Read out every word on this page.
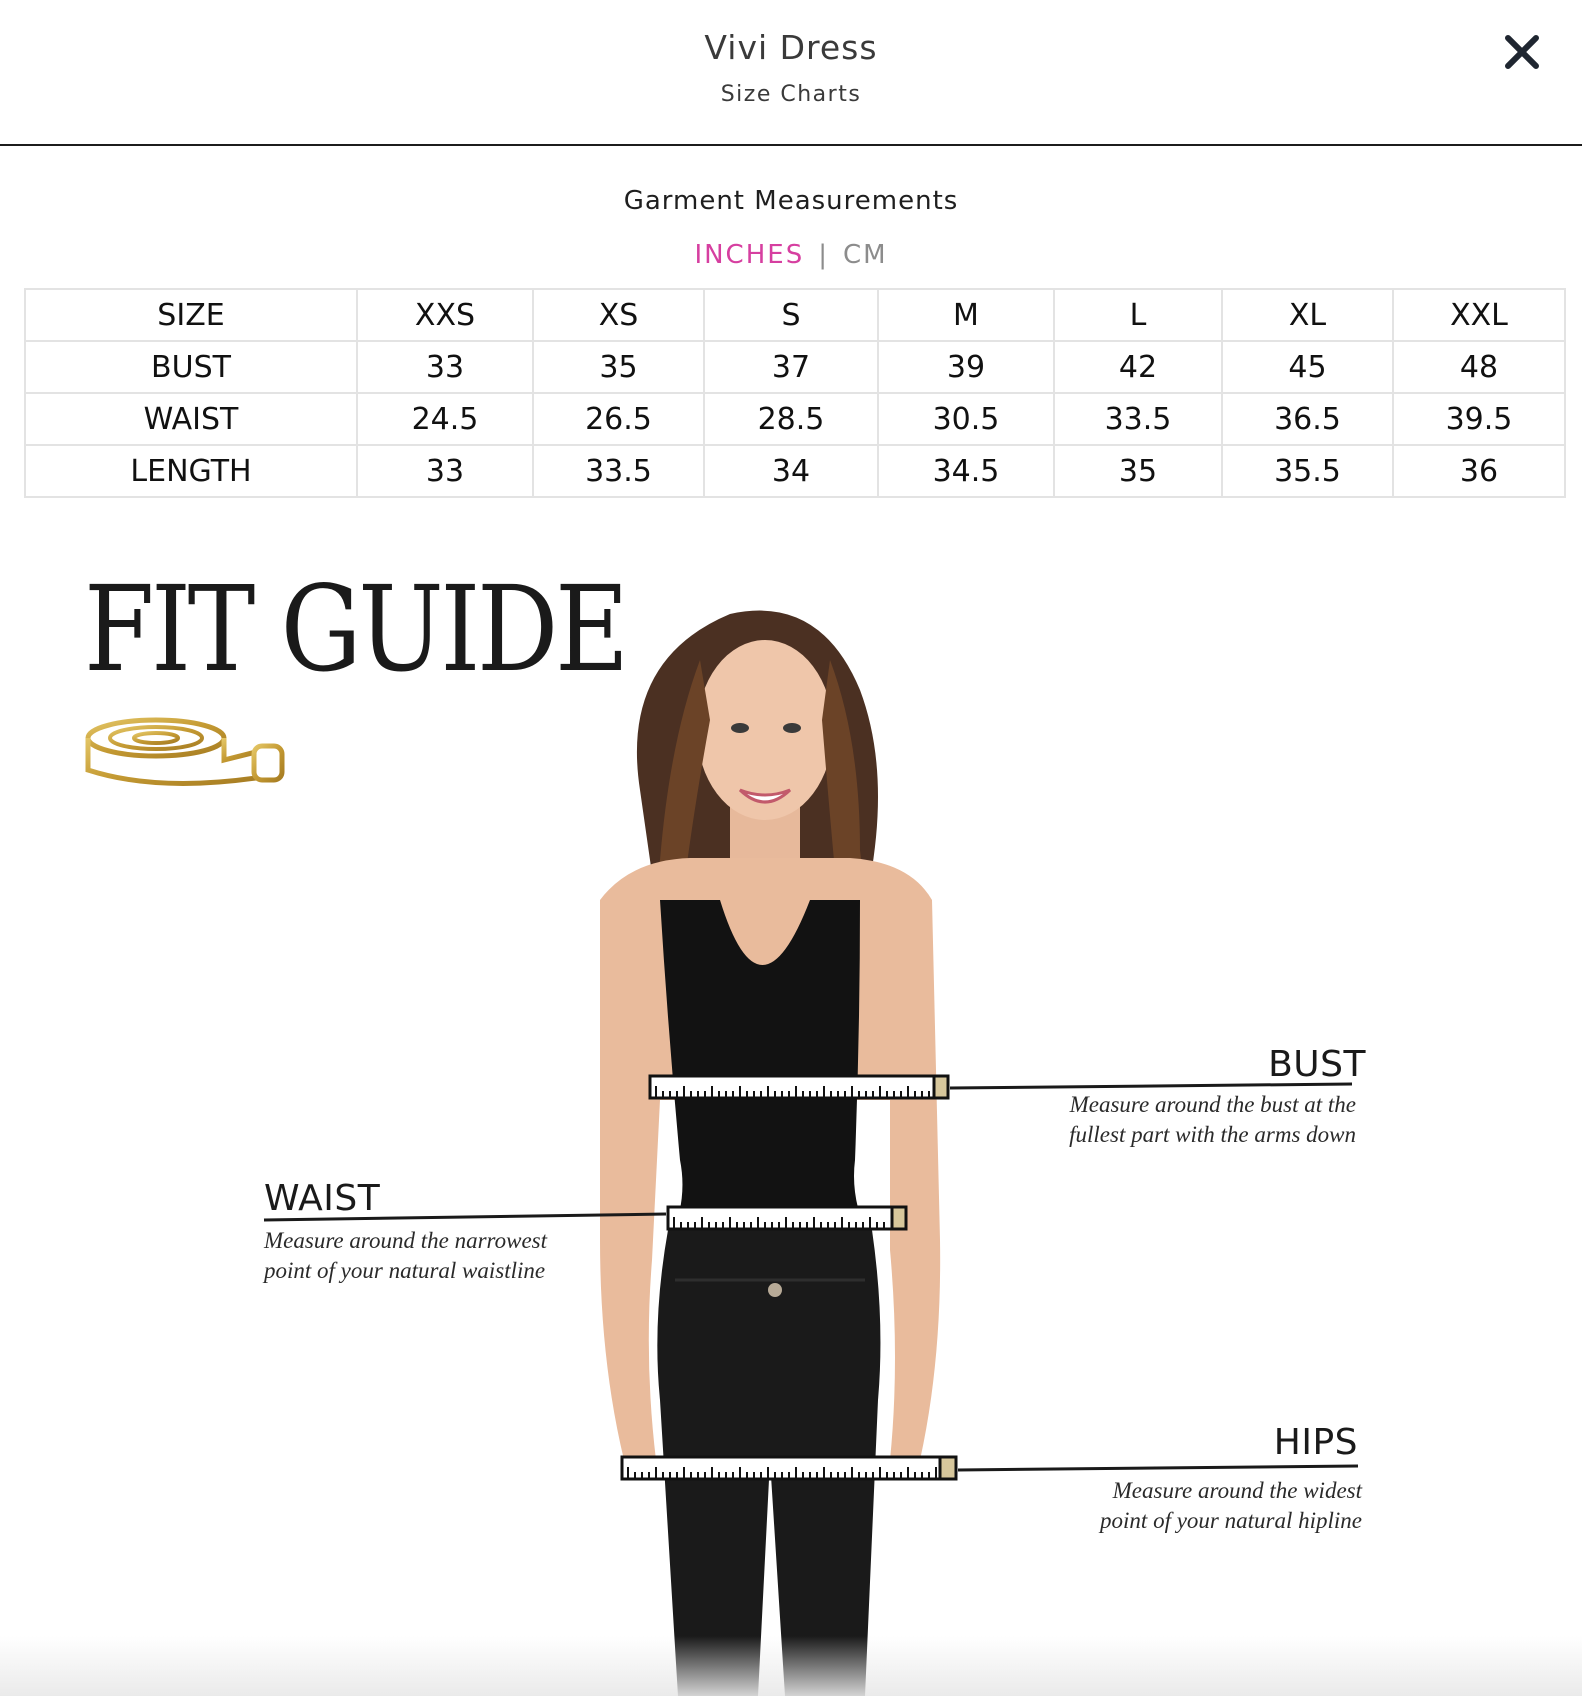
Vivi Dress
Size Charts
Garment Measurements
INCHES | CM
SIZE	XXS	XS	S	M	L	XL	XXL
BUST	33	35	37	39	42	45	48
WAIST	24.5	26.5	28.5	30.5	33.5	36.5	39.5
LENGTH	33	33.5	34	34.5	35	35.5	36
FIT GUIDE
BUST
Measure around the bust at the
fullest part with the arms down
WAIST
Measure around the narrowest
point of your natural waistline
HIPS
Measure around the widest
point of your natural hipline
